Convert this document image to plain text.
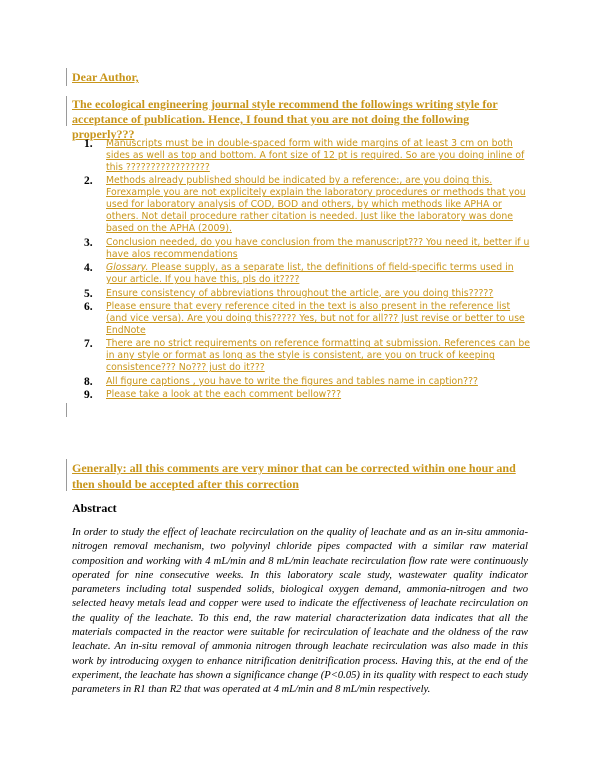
Dear Author,

The ecological engineering journal style recommend the followings writing style for acceptance of publication. Hence, I found that you are not doing the following properly???

1. Manuscripts must be in double-spaced form with wide margins of at least 3 cm on both sides as well as top and bottom. A font size of 12 pt is required. So are you doing inline of this ?????????????????
2. Methods already published should be indicated by a reference:, are you doing this. Forexample you are not explicitely explain the laboratory procedures or methods that you used for laboratory analysis of COD, BOD and others, by which methods like APHA or others. Not detail procedure rather citation is needed. Just like the laboratory was done based on the APHA (2009).
3. Conclusion needed, do you have conclusion from the manuscript??? You need it, better if u have alos recommendations
4. Glossary. Please supply, as a separate list, the definitions of field-specific terms used in your article. If you have this, pls do it????
5. Ensure consistency of abbreviations throughout the article, are you doing this?????
6. Please ensure that every reference cited in the text is also present in the reference list (and vice versa). Are you doing this????? Yes, but not for all??? Just revise or better to use EndNote
7. There are no strict requirements on reference formatting at submission. References can be in any style or format as long as the style is consistent, are you on truck of keeping consistence??? No??? just do it???
8. All figure captions , you have to write the figures and tables name in caption???
9. Please take a look at the each comment bellow???

Generally: all this comments are very minor that can be corrected within one hour and then should be accepted after this correction

Abstract

In order to study the effect of leachate recirculation on the quality of leachate and as an in-situ ammonia-nitrogen removal mechanism, two polyvinyl chloride pipes compacted with a similar raw material composition and working with 4 mL/min and 8 mL/min leachate recirculation flow rate were continuously operated for nine consecutive weeks. In this laboratory scale study, wastewater quality indicator parameters including total suspended solids, biological oxygen demand, ammonia-nitrogen and two selected heavy metals lead and copper were used to indicate the effectiveness of leachate recirculation on the quality of the leachate. To this end, the raw material characterization data indicates that all the materials compacted in the reactor were suitable for recirculation of leachate and the oldness of the raw leachate. An in-situ removal of ammonia nitrogen through leachate recirculation was also made in this work by introducing oxygen to enhance nitrification denitrification process. Having this, at the end of the experiment, the leachate has shown a significance change (P<0.05) in its quality with respect to each study parameters in R1 than R2 that was operated at 4 mL/min and 8 mL/min respectively.
